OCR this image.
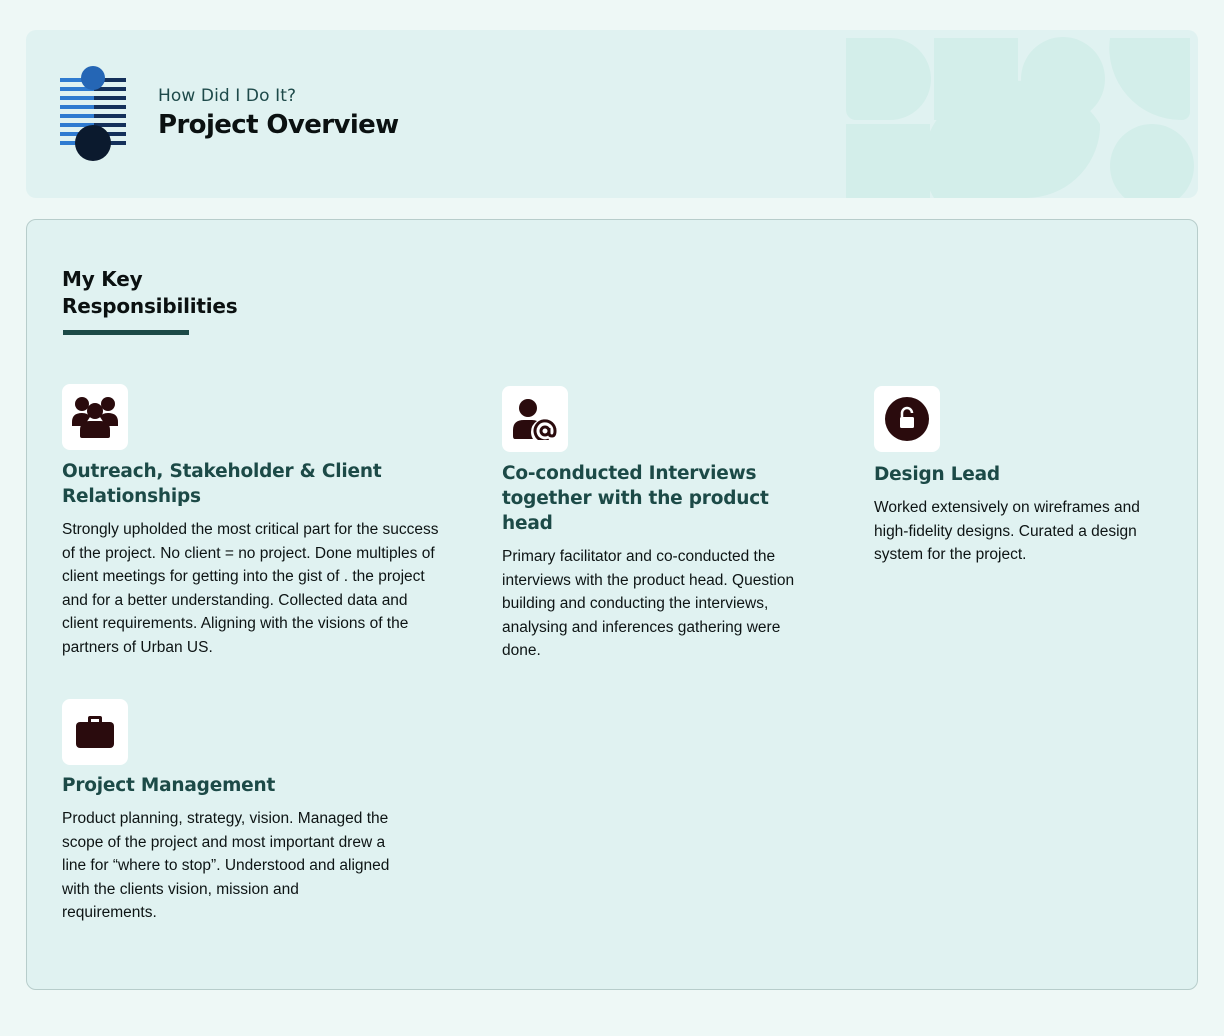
How Did I Do It?
Project Overview
My Key Responsibilities
Outreach, Stakeholder & Client Relationships
Strongly upholded the most critical part for the success of the project. No client = no project. Done multiples of client meetings for getting into the gist of . the project and for a better understanding. Collected data and client requirements. Aligning with the visions of the partners of Urban US.
Co-conducted Interviews together with the product head
Primary facilitator and co-conducted the interviews with the product head. Question building and conducting the interviews, analysing and inferences gathering were done.
Design Lead
Worked extensively on wireframes and high-fidelity designs. Curated a design system for the project.
Project Management
Product planning, strategy, vision. Managed the scope of the project and most important drew a line for “where to stop”. Understood and aligned with the clients vision, mission and requirements.
